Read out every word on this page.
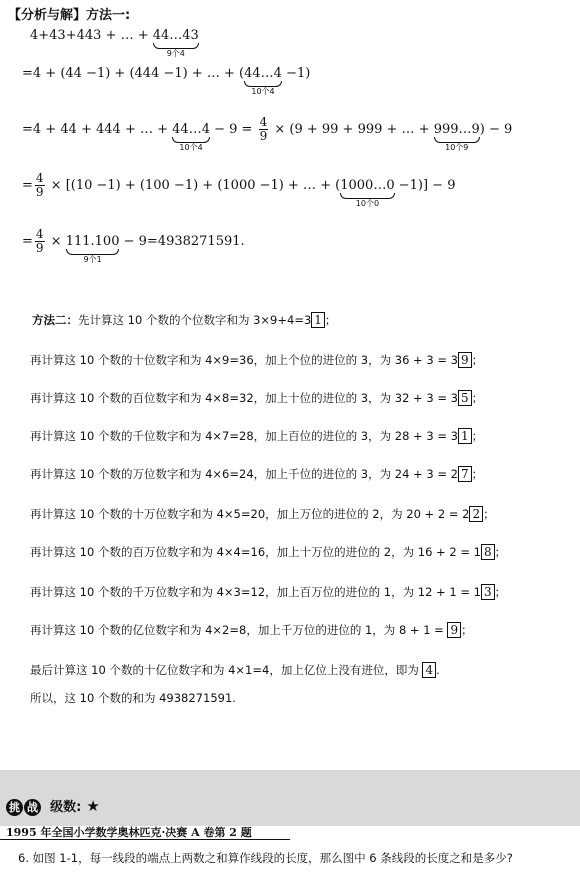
【分析与解】方法一:
4+43+443 + … + 44…43
9个4
=4 + (44 −1) + (444 −1) + … + (44…4
10个4
−1)
=4 + 44 + 444 + … + 44…4
10个4
− $9 = \frac{4}{9} \times (9 + 99 + 999$ + … + 999…9
10个9
) − 9
= $\frac{4}{9} \times [(10 -1) + (100 -1) + (1000 -1)$ + … + (1000…0
10个0
−1)] − 9
= $\frac{4}{9} \times 111.100$
9个1
− 9=4938271591.
方法二：先计算这 10 个数的个位数字和为 3×9+4=3 1 ；
再计算这 10 个数的十位数字和为 4×9=36，加上个位的进位的 3，为 36 + 3 = 3 9 ；
再计算这 10 个数的百位数字和为 4×8=32，加上十位的进位的 3，为 32 + 3 = 3 5 ；
再计算这 10 个数的千位数字和为 4×7=28，加上百位的进位的 3，为 28 + 3 = 3 1 ；
再计算这 10 个数的万位数字和为 4×6=24，加上千位的进位的 3，为 24 + 3 = 2 7 ；
再计算这 10 个数的十万位数字和为 4×5=20，加上万位的进位的 2，为 20 + 2 = 2 2 ；
再计算这 10 个数的百万位数字和为 4×4=16，加上十万位的进位的 2，为 16 + 2 = 1 8 ；
再计算这 10 个数的千万位数字和为 4×3=12，加上百万位的进位的 1，为 12 + 1 = 1 3 ；
再计算这 10 个数的亿位数字和为 4×2=8，加上千万位的进位的 1，为 8 + 1 = 9 ；
最后计算这 10 个数的十亿位数字和为 4×1=4，加上亿位上没有进位，即为 4 .
所以，这 10 个数的和为 4938271591.
挑 战 级数: ★
1995 年全国小学数学奥林匹克·决赛 A 卷第 2 题
6. 如图 1-1，每一线段的端点上两数之和算作线段的长度，那么图中 6 条线段的长度之和是多少?
